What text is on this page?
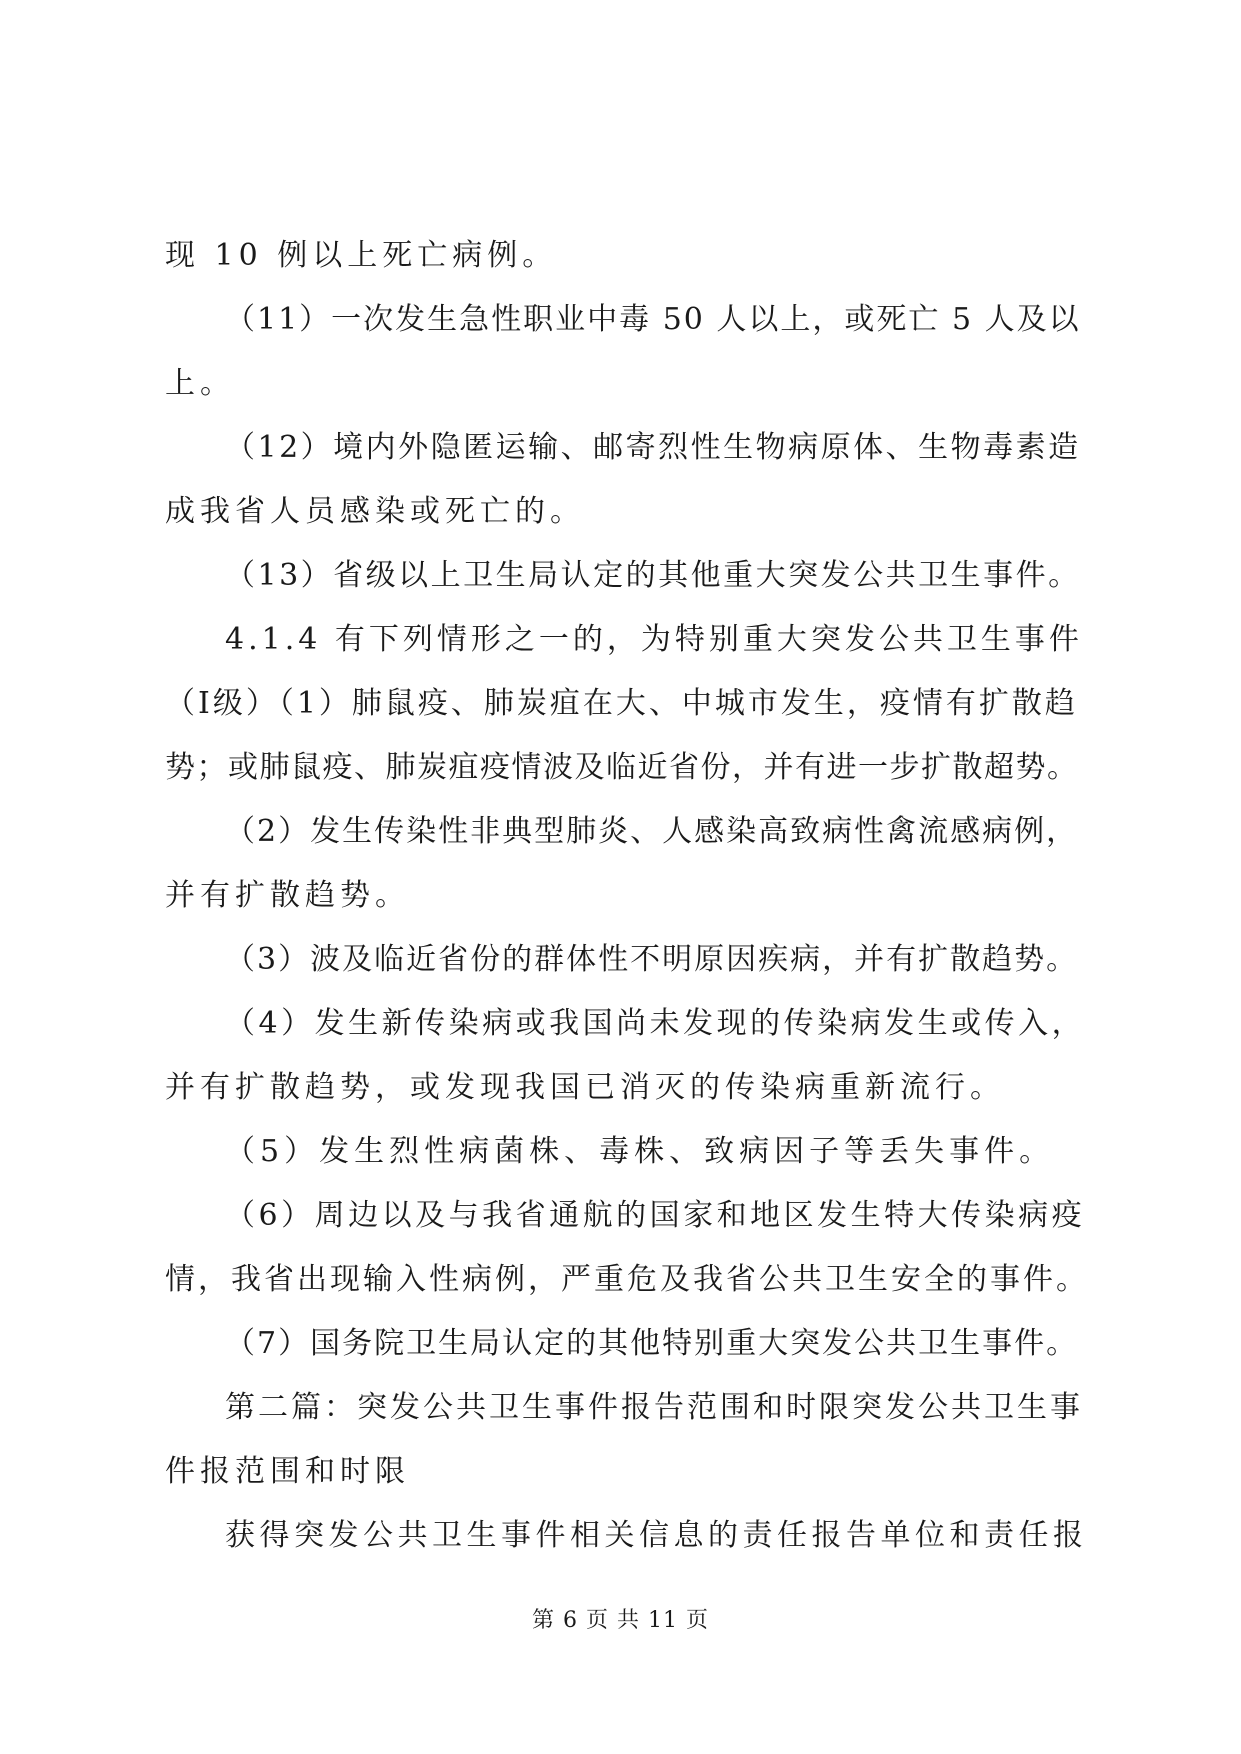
现 10 例以上死亡病例。
（11）一次发生急性职业中毒 50 人以上，或死亡 5 人及以
上。
（12）境内外隐匿运输、邮寄烈性生物病原体、生物毒素造
成我省人员感染或死亡的。
（13）省级以上卫生局认定的其他重大突发公共卫生事件。
4.1.4 有下列情形之一的，为特别重大突发公共卫生事件
（Ⅰ级）（1）肺鼠疫、肺炭疽在大、中城市发生，疫情有扩散趋
势；或肺鼠疫、肺炭疽疫情波及临近省份，并有进一步扩散超势。
（2）发生传染性非典型肺炎、人感染高致病性禽流感病例，
并有扩散趋势。
（3）波及临近省份的群体性不明原因疾病，并有扩散趋势。
（4）发生新传染病或我国尚未发现的传染病发生或传入，
并有扩散趋势，或发现我国已消灭的传染病重新流行。
（5）发生烈性病菌株、毒株、致病因子等丢失事件。
（6）周边以及与我省通航的国家和地区发生特大传染病疫
情，我省出现输入性病例，严重危及我省公共卫生安全的事件。
（7）国务院卫生局认定的其他特别重大突发公共卫生事件。
第二篇：突发公共卫生事件报告范围和时限突发公共卫生事
件报范围和时限
获得突发公共卫生事件相关信息的责任报告单位和责任报
第 6 页 共 11 页
